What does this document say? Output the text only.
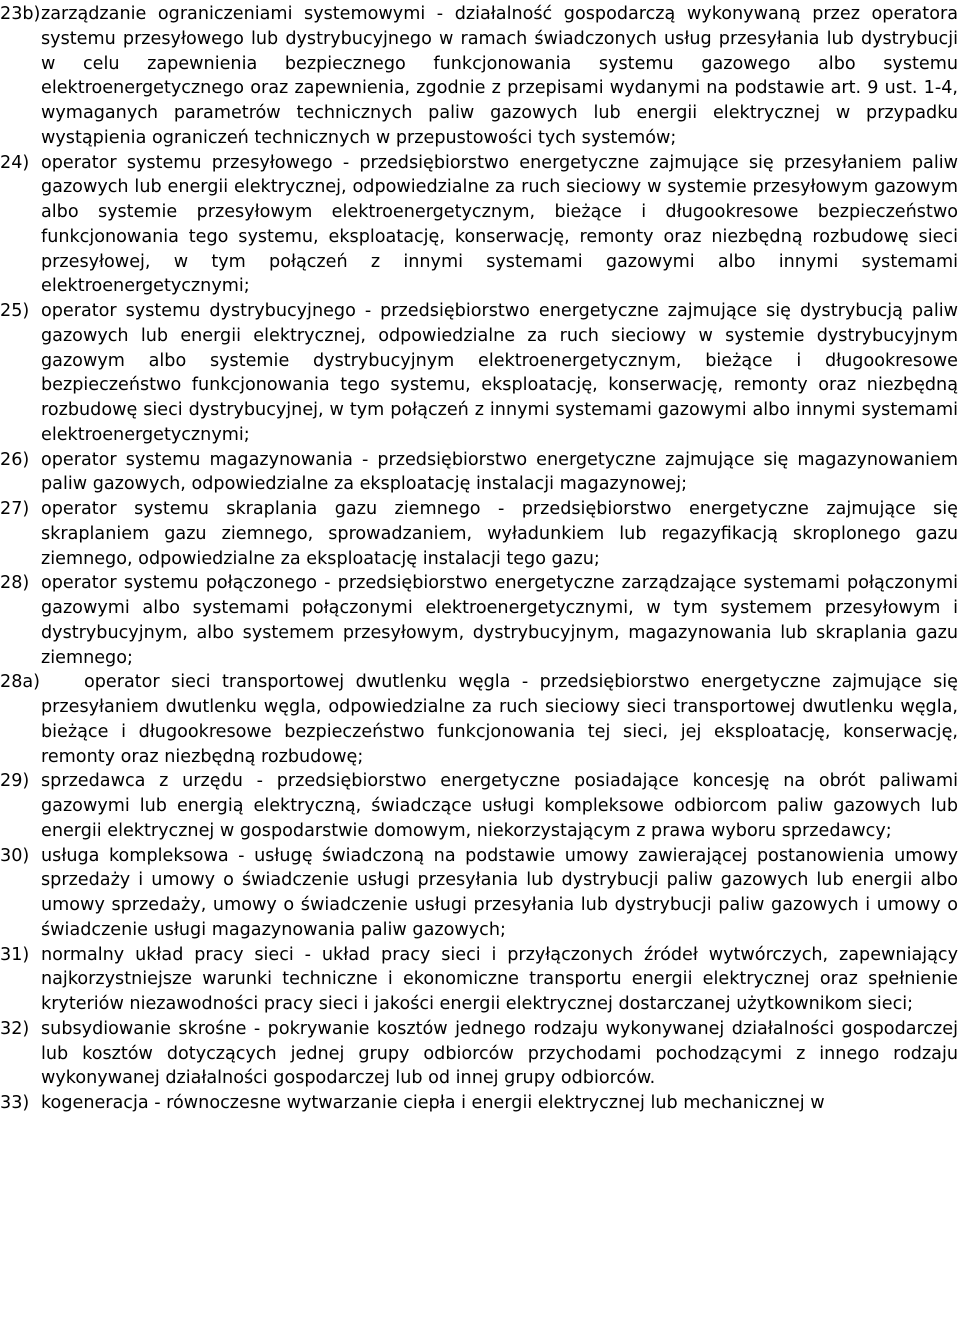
23b) zarządzanie ograniczeniami systemowymi - działalność gospodarczą wykonywaną przez operatora systemu przesyłowego lub dystrybucyjnego w ramach świadczonych usług przesyłania lub dystrybucji w celu zapewnienia bezpiecznego funkcjonowania systemu gazowego albo systemu elektroenergetycznego oraz zapewnienia, zgodnie z przepisami wydanymi na podstawie art. 9 ust. 1-4, wymaganych parametrów technicznych paliw gazowych lub energii elektrycznej w przypadku wystąpienia ograniczeń technicznych w przepustowości tych systemów;
24) operator systemu przesyłowego - przedsiębiorstwo energetyczne zajmujące się przesyłaniem paliw gazowych lub energii elektrycznej, odpowiedzialne za ruch sieciowy w systemie przesyłowym gazowym albo systemie przesyłowym elektroenergetycznym, bieżące i długookresowe bezpieczeństwo funkcjonowania tego systemu, eksploatację, konserwację, remonty oraz niezbędną rozbudowę sieci przesyłowej, w tym połączeń z innymi systemami gazowymi albo innymi systemami elektroenergetycznymi;
25) operator systemu dystrybucyjnego - przedsiębiorstwo energetyczne zajmujące się dystrybucją paliw gazowych lub energii elektrycznej, odpowiedzialne za ruch sieciowy w systemie dystrybucyjnym gazowym albo systemie dystrybucyjnym elektroenergetycznym, bieżące i długookresowe bezpieczeństwo funkcjonowania tego systemu, eksploatację, konserwację, remonty oraz niezbędną rozbudowę sieci dystrybucyjnej, w tym połączeń z innymi systemami gazowymi albo innymi systemami elektroenergetycznymi;
26) operator systemu magazynowania - przedsiębiorstwo energetyczne zajmujące się magazynowaniem paliw gazowych, odpowiedzialne za eksploatację instalacji magazynowej;
27) operator systemu skraplania gazu ziemnego - przedsiębiorstwo energetyczne zajmujące się skraplaniem gazu ziemnego, sprowadzaniem, wyładunkiem lub regazyfikacją skroplonego gazu ziemnego, odpowiedzialne za eksploatację instalacji tego gazu;
28) operator systemu połączonego - przedsiębiorstwo energetyczne zarządzające systemami połączonymi gazowymi albo systemami połączonymi elektroenergetycznymi, w tym systemem przesyłowym i dystrybucyjnym, albo systemem przesyłowym, dystrybucyjnym, magazynowania lub skraplania gazu ziemnego;
28a) operator sieci transportowej dwutlenku węgla - przedsiębiorstwo energetyczne zajmujące się przesyłaniem dwutlenku węgla, odpowiedzialne za ruch sieciowy sieci transportowej dwutlenku węgla, bieżące i długookresowe bezpieczeństwo funkcjonowania tej sieci, jej eksploatację, konserwację, remonty oraz niezbędną rozbudowę;
29) sprzedawca z urzędu - przedsiębiorstwo energetyczne posiadające koncesję na obrót paliwami gazowymi lub energią elektryczną, świadczące usługi kompleksowe odbiorcom paliw gazowych lub energii elektrycznej w gospodarstwie domowym, niekorzystającym z prawa wyboru sprzedawcy;
30) usługa kompleksowa - usługę świadczoną na podstawie umowy zawierającej postanowienia umowy sprzedaży i umowy o świadczenie usługi przesyłania lub dystrybucji paliw gazowych lub energii albo umowy sprzedaży, umowy o świadczenie usługi przesyłania lub dystrybucji paliw gazowych i umowy o świadczenie usługi magazynowania paliw gazowych;
31) normalny układ pracy sieci - układ pracy sieci i przyłączonych źródeł wytwórczych, zapewniający najkorzystniejsze warunki techniczne i ekonomiczne transportu energii elektrycznej oraz spełnienie kryteriów niezawodności pracy sieci i jakości energii elektrycznej dostarczanej użytkownikom sieci;
32) subsydiowanie skrośne - pokrywanie kosztów jednego rodzaju wykonywanej działalności gospodarczej lub kosztów dotyczących jednej grupy odbiorców przychodami pochodzącymi z innego rodzaju wykonywanej działalności gospodarczej lub od innej grupy odbiorców.
33) kogeneracja - równoczesne wytwarzanie ciepła i energii elektrycznej lub mechanicznej w
